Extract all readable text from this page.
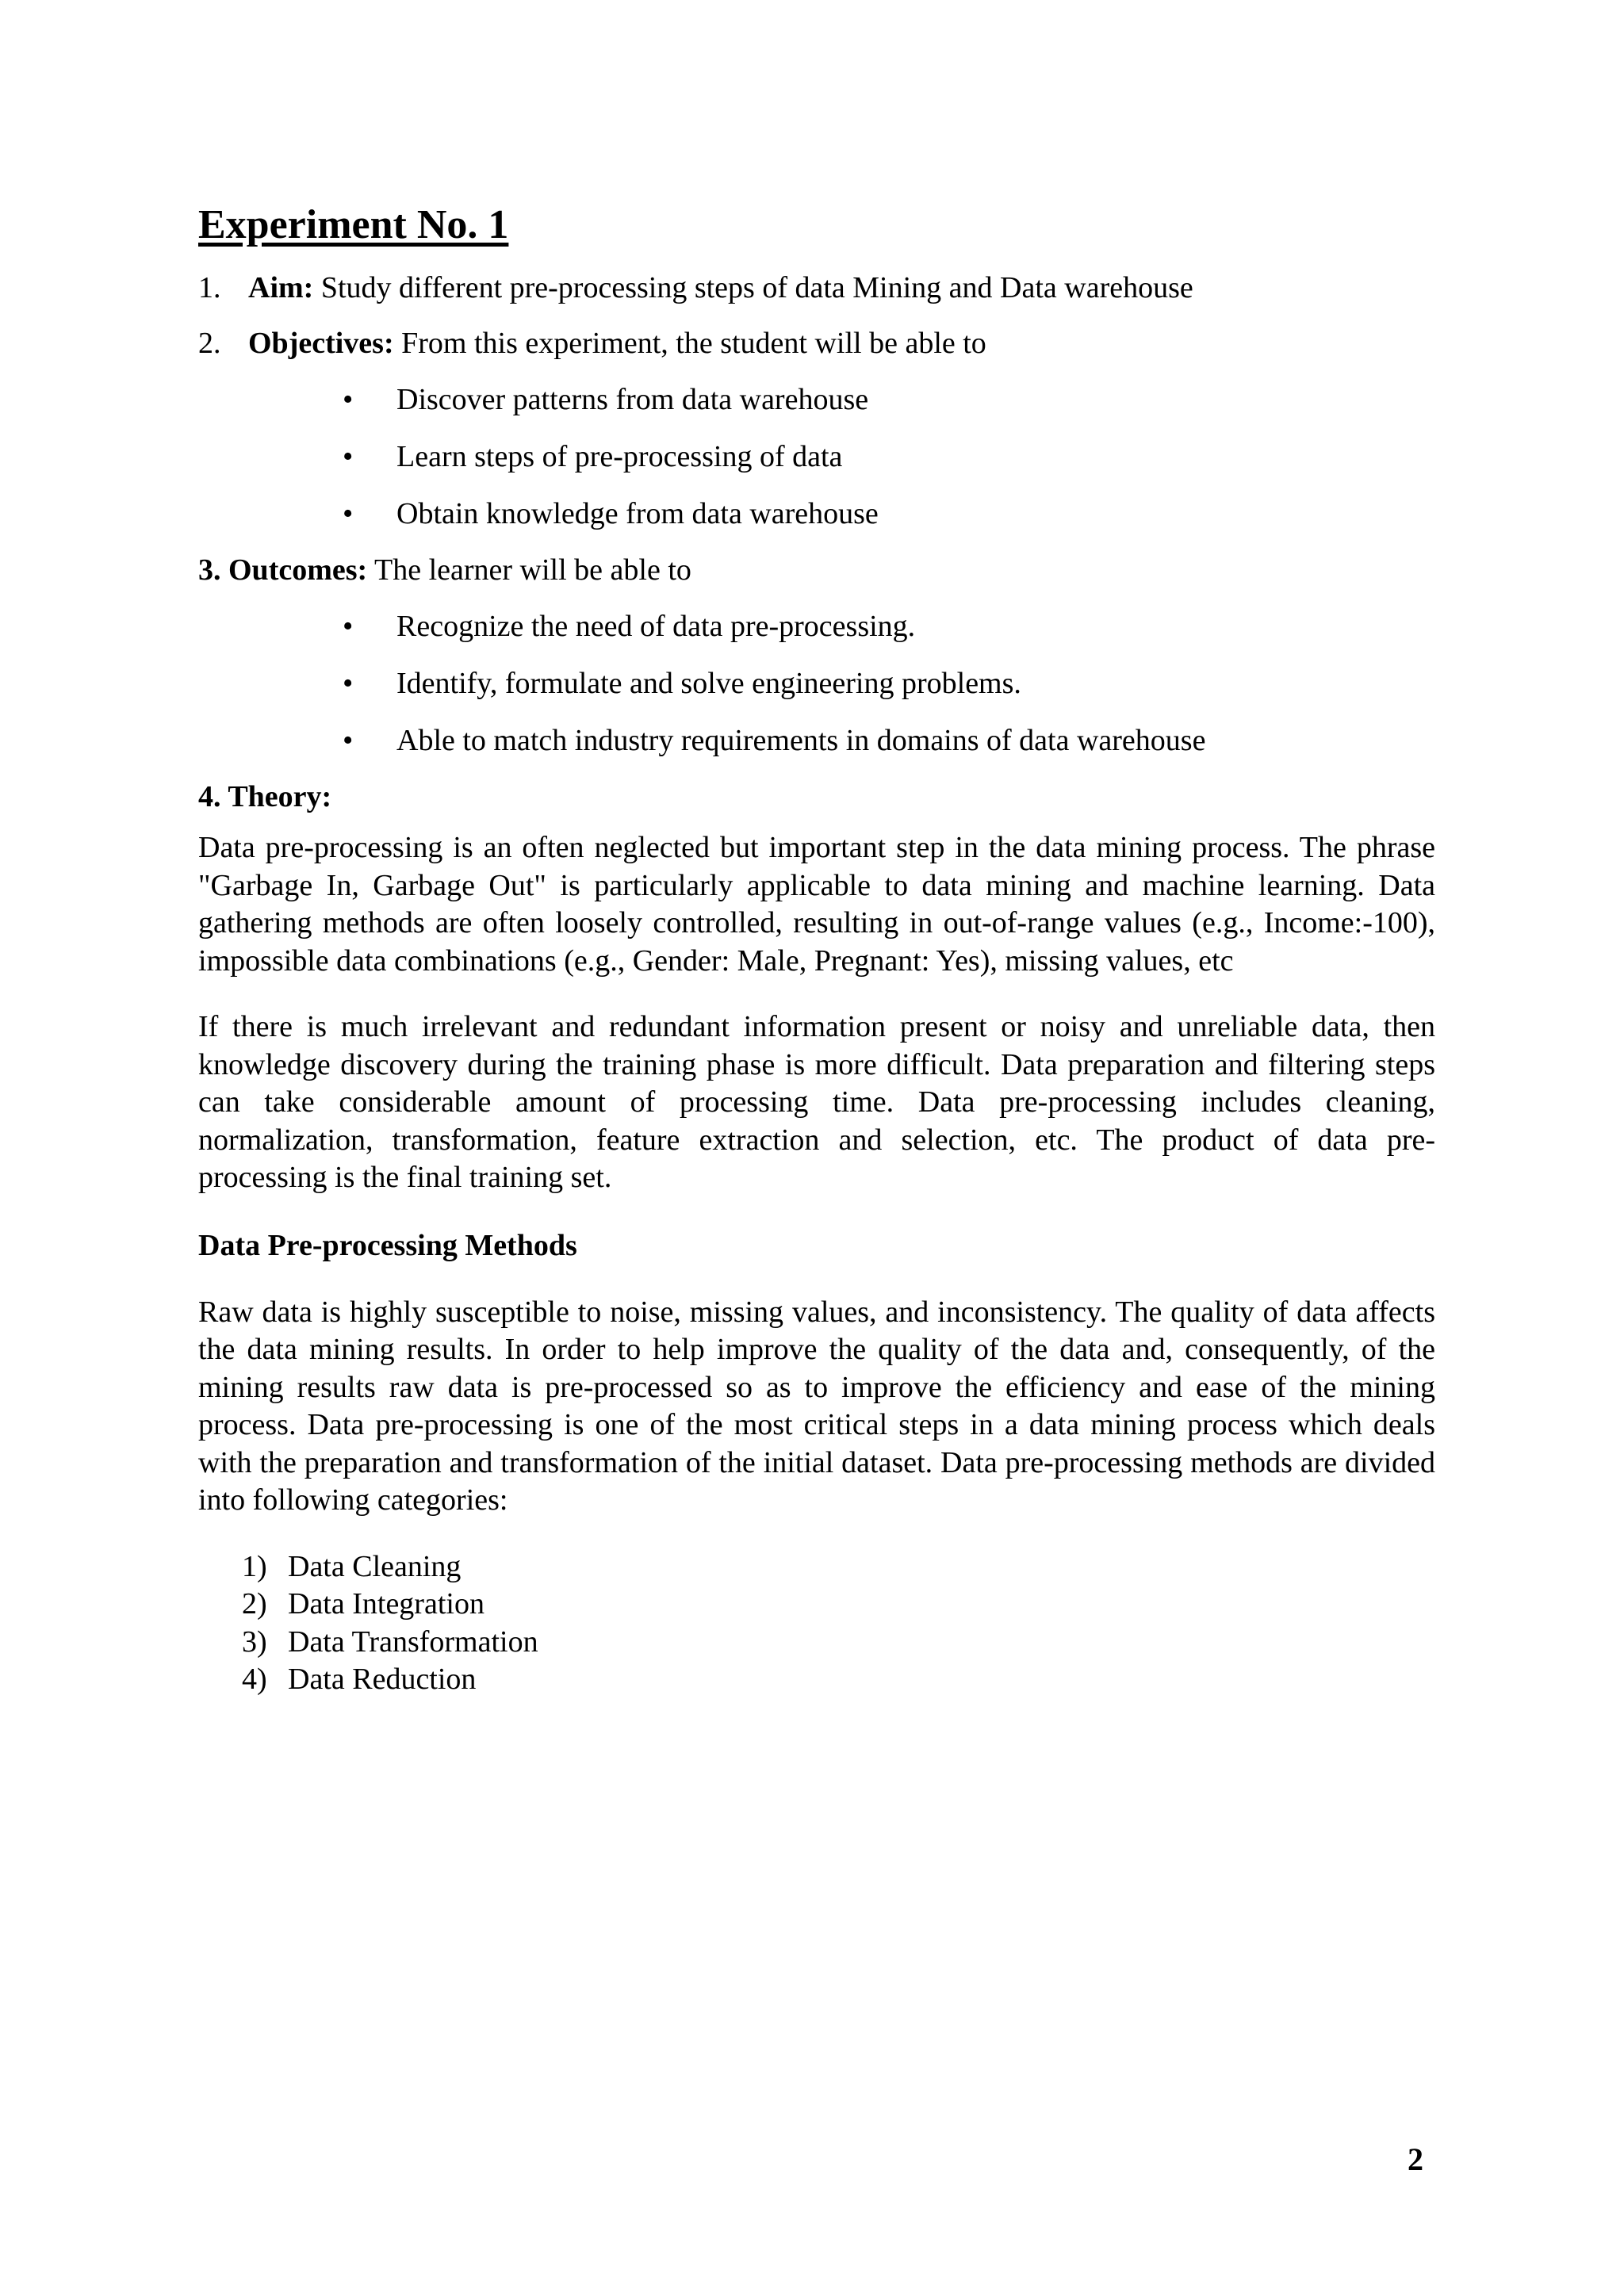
Experiment No. 1
1. Aim: Study different pre-processing steps of data Mining and Data warehouse
2. Objectives: From this experiment, the student will be able to
• Discover patterns from data warehouse
• Learn steps of pre-processing of data
• Obtain knowledge from data warehouse
3. Outcomes: The learner will be able to
• Recognize the need of data pre-processing.
• Identify, formulate and solve engineering problems.
• Able to match industry requirements in domains of data warehouse
4. Theory:

Data pre-processing is an often neglected but important step in the data mining process. The phrase "Garbage In, Garbage Out" is particularly applicable to data mining and machine learning. Data gathering methods are often loosely controlled, resulting in out-of-range values (e.g., Income:-100), impossible data combinations (e.g., Gender: Male, Pregnant: Yes), missing values, etc

If there is much irrelevant and redundant information present or noisy and unreliable data, then knowledge discovery during the training phase is more difficult. Data preparation and filtering steps can take considerable amount of processing time. Data pre-processing includes cleaning, normalization, transformation, feature extraction and selection, etc. The product of data pre-processing is the final training set.

Data Pre-processing Methods

Raw data is highly susceptible to noise, missing values, and inconsistency. The quality of data affects the data mining results. In order to help improve the quality of the data and, consequently, of the mining results raw data is pre-processed so as to improve the efficiency and ease of the mining process. Data pre-processing is one of the most critical steps in a data mining process which deals with the preparation and transformation of the initial dataset. Data pre-processing methods are divided into following categories:

1) Data Cleaning
2) Data Integration
3) Data Transformation
4) Data Reduction
2
